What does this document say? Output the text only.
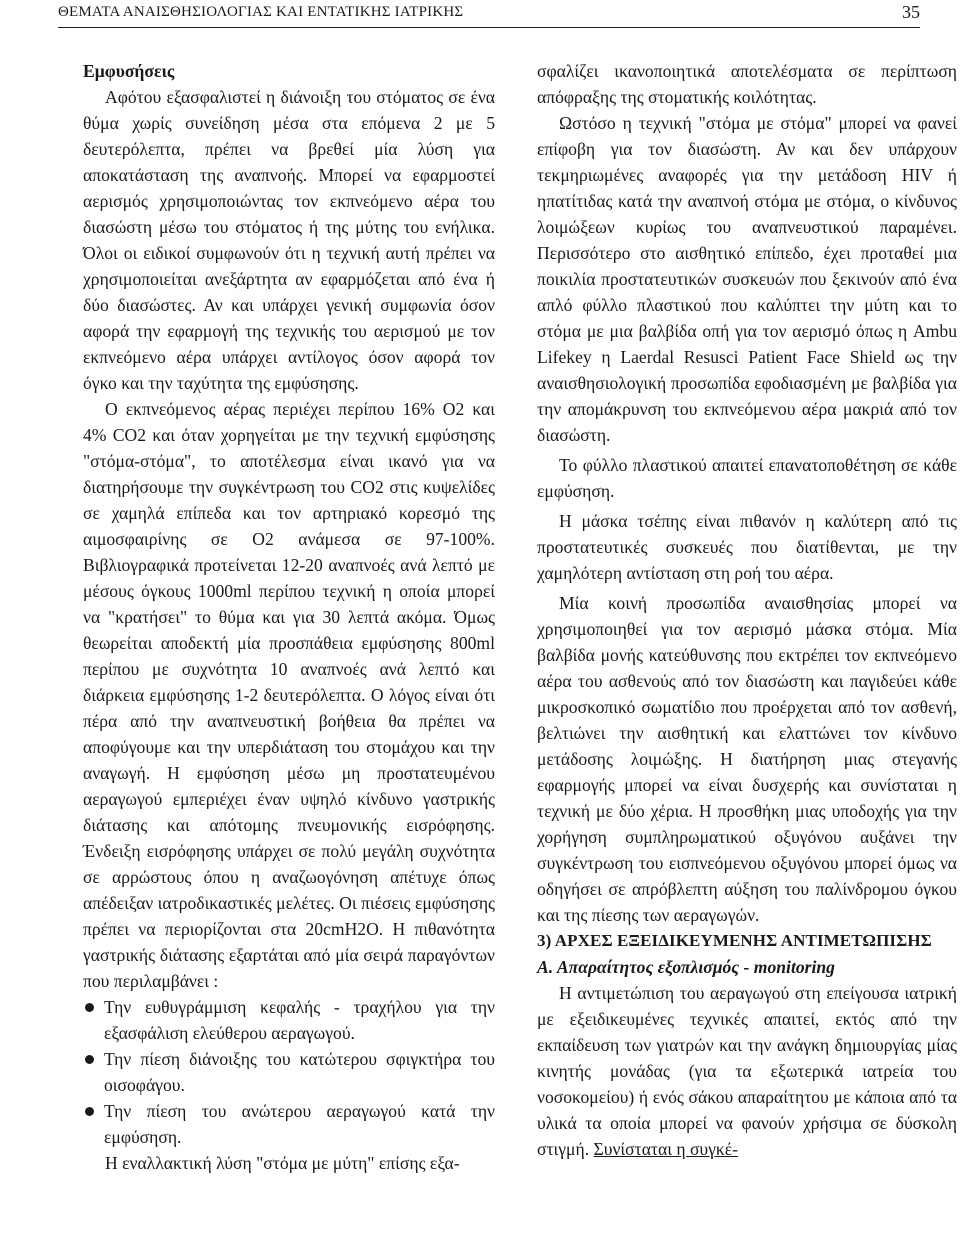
ΘΕΜΑΤΑ ΑΝΑΙΣΘΗΣΙΟΛΟΓΙΑΣ ΚΑΙ ΕΝΤΑΤΙΚΗΣ ΙΑΤΡΙΚΗΣ	35

Εμφυσήσεις

Αφότου εξασφαλιστεί η διάνοιξη του στόματος σε ένα θύμα χωρίς συνείδηση μέσα στα επόμενα 2 με 5 δευτερόλεπτα, πρέπει να βρεθεί μία λύση για αποκατάσταση της αναπνοής. Μπορεί να εφαρμοστεί αερισμός χρησιμοποιώντας τον εκπνεόμενο αέρα του διασώστη μέσω του στόματος ή της μύτης του ενήλικα. Όλοι οι ειδικοί συμφωνούν ότι η τεχνική αυτή πρέπει να χρησιμοποιείται ανεξάρτητα αν εφαρμόζεται από ένα ή δύο διασώστες. Αν και υπάρχει γενική συμφωνία όσον αφορά την εφαρμογή της τεχνικής του αερισμού με τον εκπνεόμενο αέρα υπάρχει αντίλογος όσον αφορά τον όγκο και την ταχύτητα της εμφύσησης.

Ο εκπνεόμενος αέρας περιέχει περίπου 16% O2 και 4% CO2 και όταν χορηγείται με την τεχνική εμφύσησης "στόμα-στόμα", το αποτέλεσμα είναι ικανό για να διατηρήσουμε την συγκέντρωση του CO2 στις κυψελίδες σε χαμηλά επίπεδα και τον αρτηριακό κορεσμό της αιμοσφαιρίνης σε O2 ανάμεσα σε 97-100%. Βιβλιογραφικά προτείνεται 12-20 αναπνοές ανά λεπτό με μέσους όγκους 1000ml περίπου τεχνική η οποία μπορεί να "κρατήσει" το θύμα και για 30 λεπτά ακόμα. Όμως θεωρείται αποδεκτή μία προσπάθεια εμφύσησης 800ml περίπου με συχνότητα 10 αναπνοές ανά λεπτό και διάρκεια εμφύσησης 1-2 δευτερόλεπτα. Ο λόγος είναι ότι πέρα από την αναπνευστική βοήθεια θα πρέπει να αποφύγουμε και την υπερδιάταση του στομάχου και την αναγωγή. Η εμφύσηση μέσω μη προστατευμένου αεραγωγού εμπεριέχει έναν υψηλό κίνδυνο γαστρικής διάτασης και απότομης πνευμονικής εισρόφησης. Ένδειξη εισρόφησης υπάρχει σε πολύ μεγάλη συχνότητα σε αρρώστους όπου η αναζωογόνηση απέτυχε όπως απέδειξαν ιατροδικαστικές μελέτες. Οι πιέσεις εμφύσησης πρέπει να περιορίζονται στα 20cmH2O. Η πιθανότητα γαστρικής διάτασης εξαρτάται από μία σειρά παραγόντων που περιλαμβάνει :

Την ευθυγράμμιση κεφαλής - τραχήλου για την εξασφάλιση ελεύθερου αεραγωγού.
Την πίεση διάνοιξης του κατώτερου σφιγκτήρα του οισοφάγου.
Την πίεση του ανώτερου αεραγωγού κατά την εμφύσηση.

Η εναλλακτική λύση "στόμα με μύτη" επίσης εξα-

σφαλίζει ικανοποιητικά αποτελέσματα σε περίπτωση απόφραξης της στοματικής κοιλότητας.

Ωστόσο η τεχνική "στόμα με στόμα" μπορεί να φανεί επίφοβη για τον διασώστη. Αν και δεν υπάρχουν τεκμηριωμένες αναφορές για την μετάδοση HIV ή ηπατίτιδας κατά την αναπνοή στόμα με στόμα, ο κίνδυνος λοιμώξεων κυρίως του αναπνευστικού παραμένει. Περισσότερο στο αισθητικό επίπεδο, έχει προταθεί μια ποικιλία προστατευτικών συσκευών που ξεκινούν από ένα απλό φύλλο πλαστικού που καλύπτει την μύτη και το στόμα με μια βαλβίδα οπή για τον αερισμό όπως η Ambu Lifekey η Laerdal Resusci Patient Face Shield ως την αναισθησιολογική προσωπίδα εφοδιασμένη με βαλβίδα για την απομάκρυνση του εκπνεόμενου αέρα μακριά από τον διασώστη.

Το φύλλο πλαστικού απαιτεί επανατοποθέτηση σε κάθε εμφύσηση.

Η μάσκα τσέπης είναι πιθανόν η καλύτερη από τις προστατευτικές συσκευές που διατίθενται, με την χαμηλότερη αντίσταση στη ροή του αέρα.

Μία κοινή προσωπίδα αναισθησίας μπορεί να χρησιμοποιηθεί για τον αερισμό μάσκα στόμα. Μία βαλβίδα μονής κατεύθυνσης που εκτρέπει τον εκπνεόμενο αέρα του ασθενούς από τον διασώστη και παγιδεύει κάθε μικροσκοπικό σωματίδιο που προέρχεται από τον ασθενή, βελτιώνει την αισθητική και ελαττώνει τον κίνδυνο μετάδοσης λοιμώξης. Η διατήρηση μιας στεγανής εφαρμογής μπορεί να είναι δυσχερής και συνίσταται η τεχνική με δύο χέρια. Η προσθήκη μιας υποδοχής για την χορήγηση συμπληρωματικού οξυγόνου αυξάνει την συγκέντρωση του εισπνεόμενου οξυγόνου μπορεί όμως να οδηγήσει σε απρόβλεπτη αύξηση του παλίνδρομου όγκου και της πίεσης των αεραγωγών.

3) ΑΡΧΕΣ ΕΞΕΙΔΙΚΕΥΜΕΝΗΣ ΑΝΤΙΜΕΤΩΠΙΣΗΣ

Α. Απαραίτητος εξοπλισμός - monitoring

Η αντιμετώπιση του αεραγωγού στη επείγουσα ιατρική με εξειδικευμένες τεχνικές απαιτεί, εκτός από την εκπαίδευση των γιατρών και την ανάγκη δημιουργίας μίας κινητής μονάδας (για τα εξωτερικά ιατρεία του νοσοκομείου) ή ενός σάκου απαραίτητου με κάποια από τα υλικά τα οποία μπορεί να φανούν χρήσιμα σε δύσκολη στιγμή. Συνίσταται η συγκέ-
